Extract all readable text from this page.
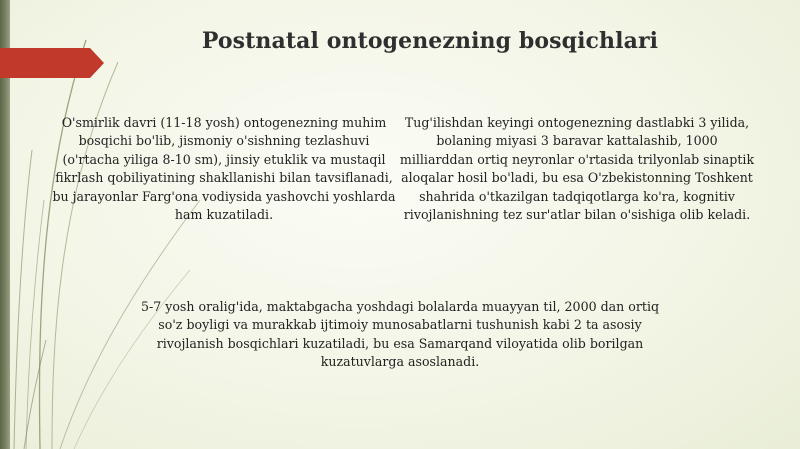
Postnatal ontogenezning bosqichlari
O'smirlik davri (11-18 yosh) ontogenezning muhim bosqichi bo'lib, jismoniy o'sishning tezlashuvi (o'rtacha yiliga 8-10 sm), jinsiy etuklik va mustaqil fikrlash qobiliyatining shakllanishi bilan tavsiflanadi, bu jarayonlar Farg'ona vodiysida yashovchi yoshlarda ham kuzatiladi.
Tug'ilishdan keyingi ontogenezning dastlabki 3 yilida, bolaning miyasi 3 baravar kattalashib, 1000 milliarddan ortiq neyronlar o'rtasida trilyonlab sinaptik aloqalar hosil bo'ladi, bu esa O'zbekistonning Toshkent shahrida o'tkazilgan tadqiqotlarga ko'ra, kognitiv rivojlanishning tez sur'atlar bilan o'sishiga olib keladi.
5-7 yosh oralig'ida, maktabgacha yoshdagi bolalarda muayyan til, 2000 dan ortiq so'z boyligi va murakkab ijtimoiy munosabatlarni tushunish kabi 2 ta asosiy rivojlanish bosqichlari kuzatiladi, bu esa Samarqand viloyatida olib borilgan kuzatuvlarga asoslanadi.
